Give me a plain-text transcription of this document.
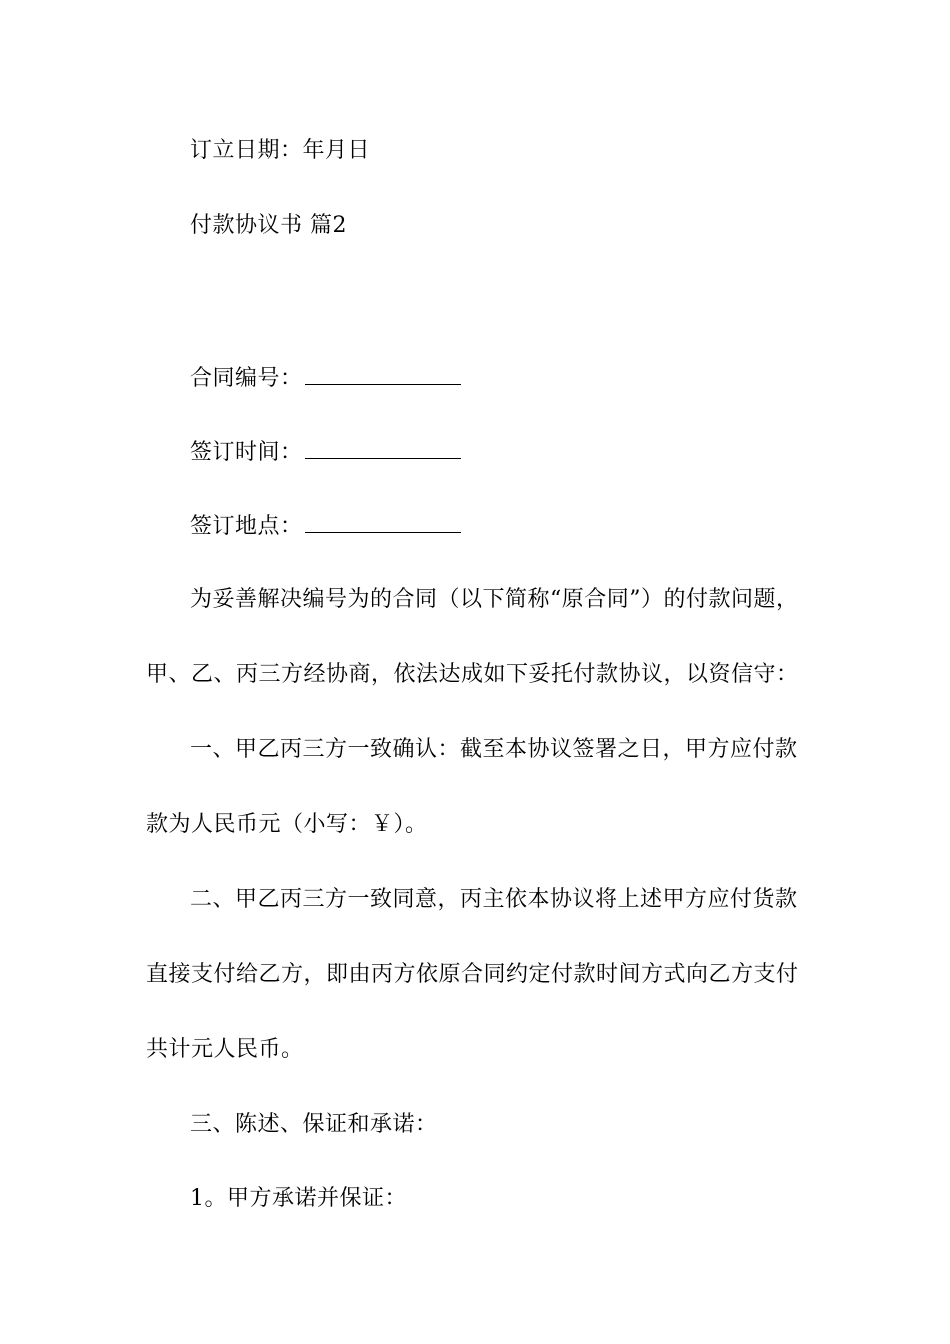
订立日期：年月日
付款协议书 篇2
合同编号：
签订时间：
签订地点：
为妥善解决编号为的合同（以下简称“原合同”）的付款问题，
甲、乙、丙三方经协商，依法达成如下妥托付款协议，以资信守：
一、甲乙丙三方一致确认：截至本协议签署之日，甲方应付款
款为人民币元（小写：￥）。
二、甲乙丙三方一致同意，丙主依本协议将上述甲方应付货款
直接支付给乙方，即由丙方依原合同约定付款时间方式向乙方支付
共计元人民币。
三、陈述、保证和承诺：
1。甲方承诺并保证：
